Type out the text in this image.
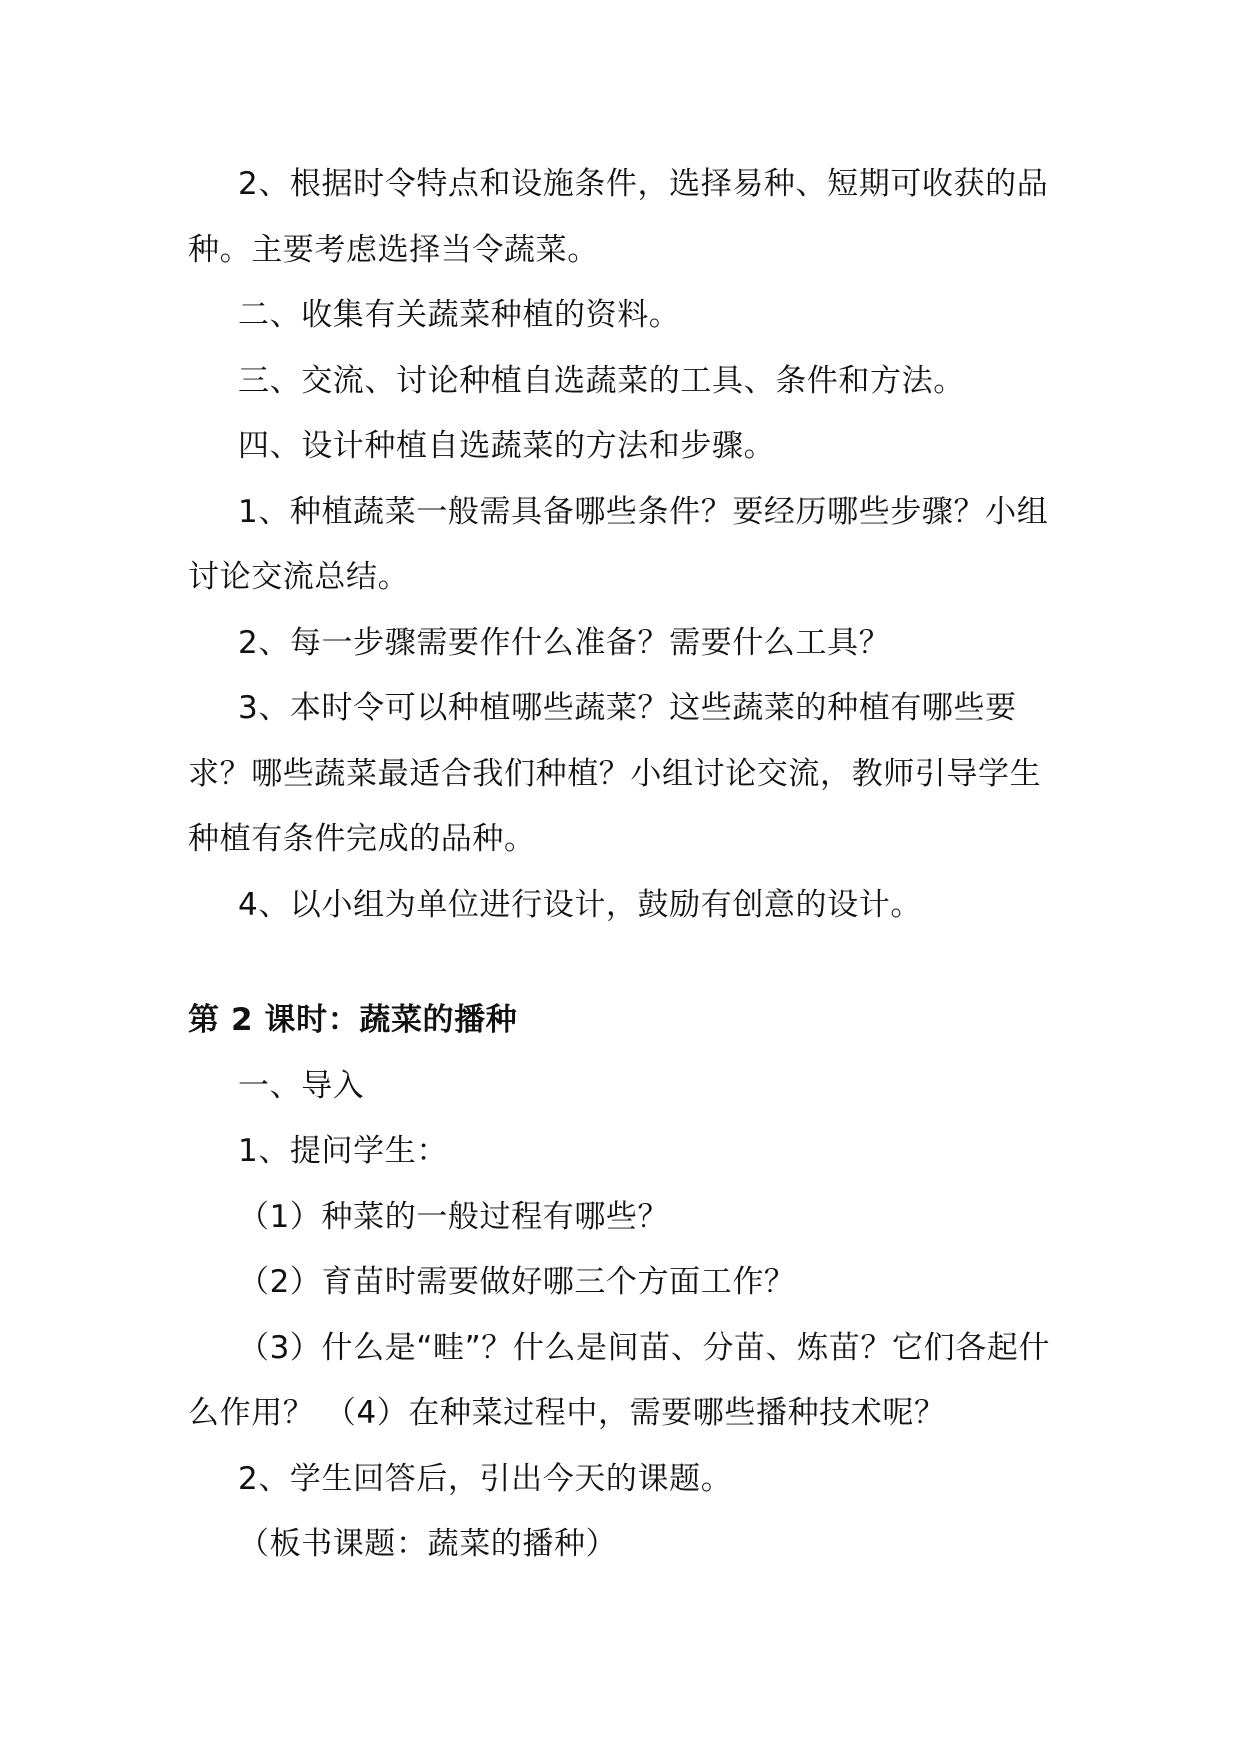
2、根据时令特点和设施条件，选择易种、短期可收获的品种。主要考虑选择当令蔬菜。

二、收集有关蔬菜种植的资料。

三、交流、讨论种植自选蔬菜的工具、条件和方法。

四、设计种植自选蔬菜的方法和步骤。

1、种植蔬菜一般需具备哪些条件？要经历哪些步骤？小组讨论交流总结。

2、每一步骤需要作什么准备？需要什么工具？

3、本时令可以种植哪些蔬菜？这些蔬菜的种植有哪些要求？哪些蔬菜最适合我们种植？小组讨论交流，教师引导学生种植有条件完成的品种。

4、以小组为单位进行设计，鼓励有创意的设计。

第 2 课时：蔬菜的播种

一、导入

1、提问学生：

（1）种菜的一般过程有哪些？

（2）育苗时需要做好哪三个方面工作？

（3）什么是“畦”？什么是间苗、分苗、炼苗？它们各起什么作用？ （4）在种菜过程中，需要哪些播种技术呢？

2、学生回答后，引出今天的课题。

（板书课题：蔬菜的播种）
